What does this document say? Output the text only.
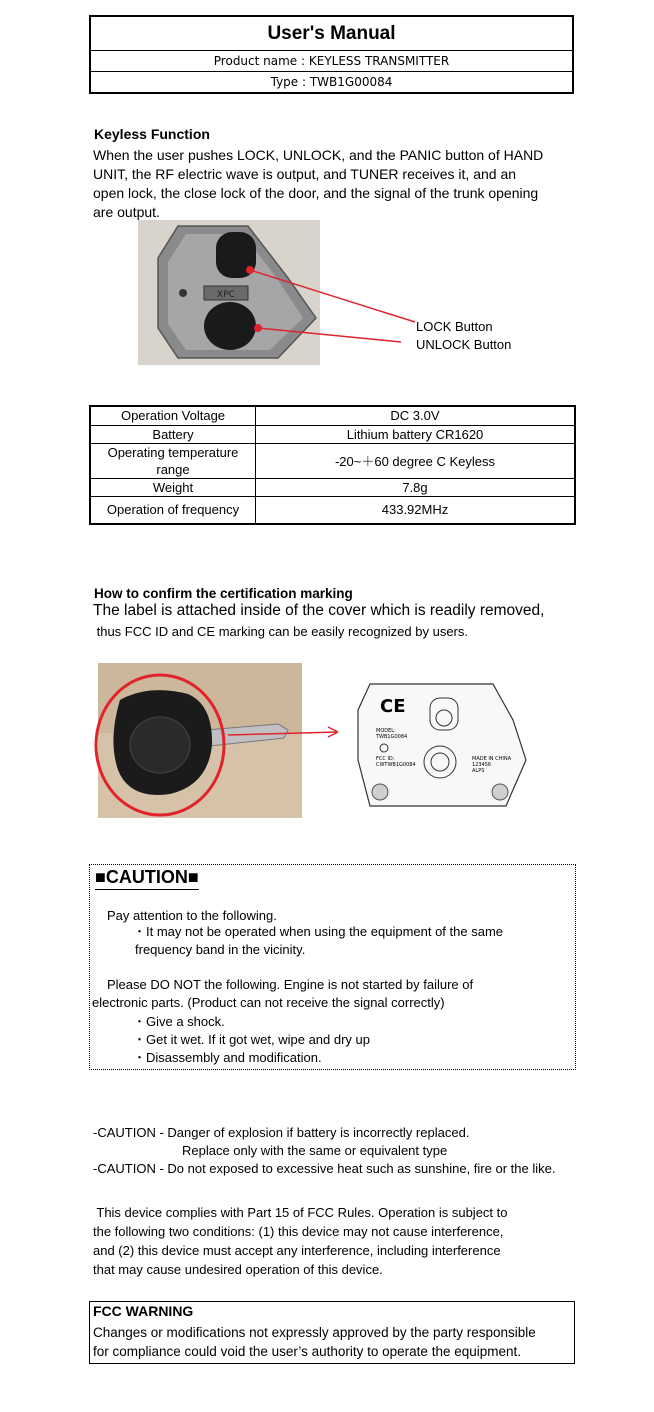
User's Manual
Product name : KEYLESS TRANSMITTER
Type : TWB1G00084
Keyless Function
When the user pushes LOCK, UNLOCK, and the PANIC button of HAND
UNIT, the RF electric wave is output, and TUNER receives it, and an
open lock, the close lock of the door, and the signal of the trunk opening
are output.
XPC
LOCK Button
UNLOCK Button
Operation Voltage	DC 3.0V
Battery	Lithium battery CR1620
Operating temperature range	-20~＋60 degree C Keyless
Weight	7.8g
Operation of frequency	433.92MHz
How to confirm the certification marking
The label is attached inside of the cover which is readily removed,
thus FCC ID and CE marking can be easily recognized by users.
CE
MODEL:
TWB1G0084
FCC ID:
CWTWB1G0084
MADE IN CHINA
123456
ALPS
■CAUTION■
Pay attention to the following.
・It may not be operated when using the equipment of the same
frequency band in the vicinity.
Please DO NOT the following. Engine is not started by failure of
electronic parts. (Product can not receive the signal correctly)
・Give a shock.
・Get it wet. If it got wet, wipe and dry up
・Disassembly and modification.
-CAUTION - Danger of explosion if battery is incorrectly replaced.
Replace only with the same or equivalent type
-CAUTION - Do not exposed to excessive heat such as sunshine, fire or the like.
This device complies with Part 15 of FCC Rules. Operation is subject to
the following two conditions: (1) this device may not cause interference,
and (2) this device must accept any interference, including interference
that may cause undesired operation of this device.
FCC WARNING
Changes or modifications not expressly approved by the party responsible
for compliance could void the user’s authority to operate the equipment.
